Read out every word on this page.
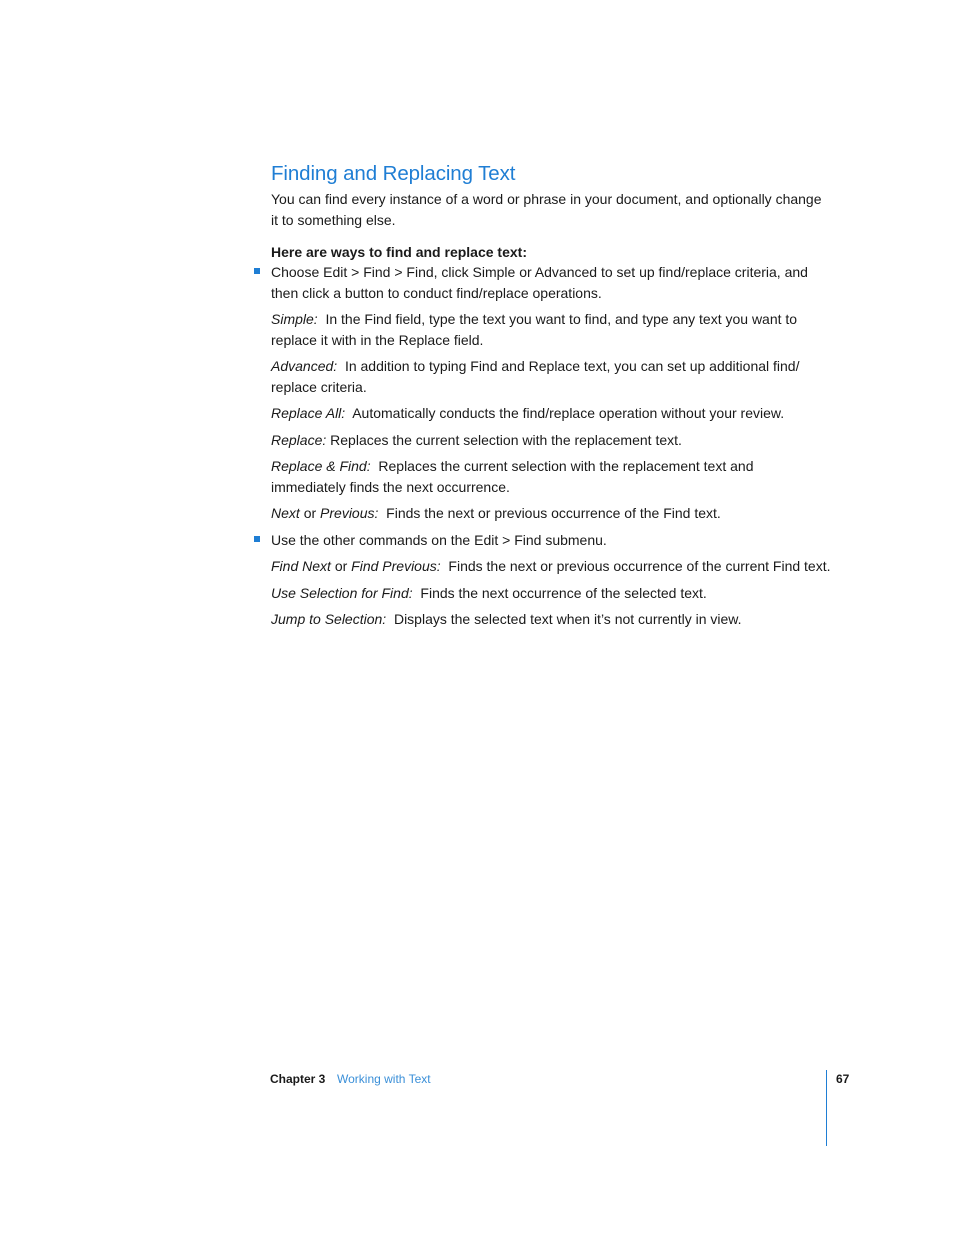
Finding and Replacing Text

You can find every instance of a word or phrase in your document, and optionally change it to something else.

Here are ways to find and replace text:

Choose Edit > Find > Find, click Simple or Advanced to set up find/replace criteria, and then click a button to conduct find/replace operations.

Simple: In the Find field, type the text you want to find, and type any text you want to replace it with in the Replace field.

Advanced: In addition to typing Find and Replace text, you can set up additional find/ replace criteria.

Replace All: Automatically conducts the find/replace operation without your review.

Replace: Replaces the current selection with the replacement text.

Replace & Find: Replaces the current selection with the replacement text and immediately finds the next occurrence.

Next or Previous: Finds the next or previous occurrence of the Find text.

Use the other commands on the Edit > Find submenu.

Find Next or Find Previous: Finds the next or previous occurrence of the current Find text.

Use Selection for Find: Finds the next occurrence of the selected text.

Jump to Selection: Displays the selected text when it’s not currently in view.

Chapter 3 Working with Text	67
